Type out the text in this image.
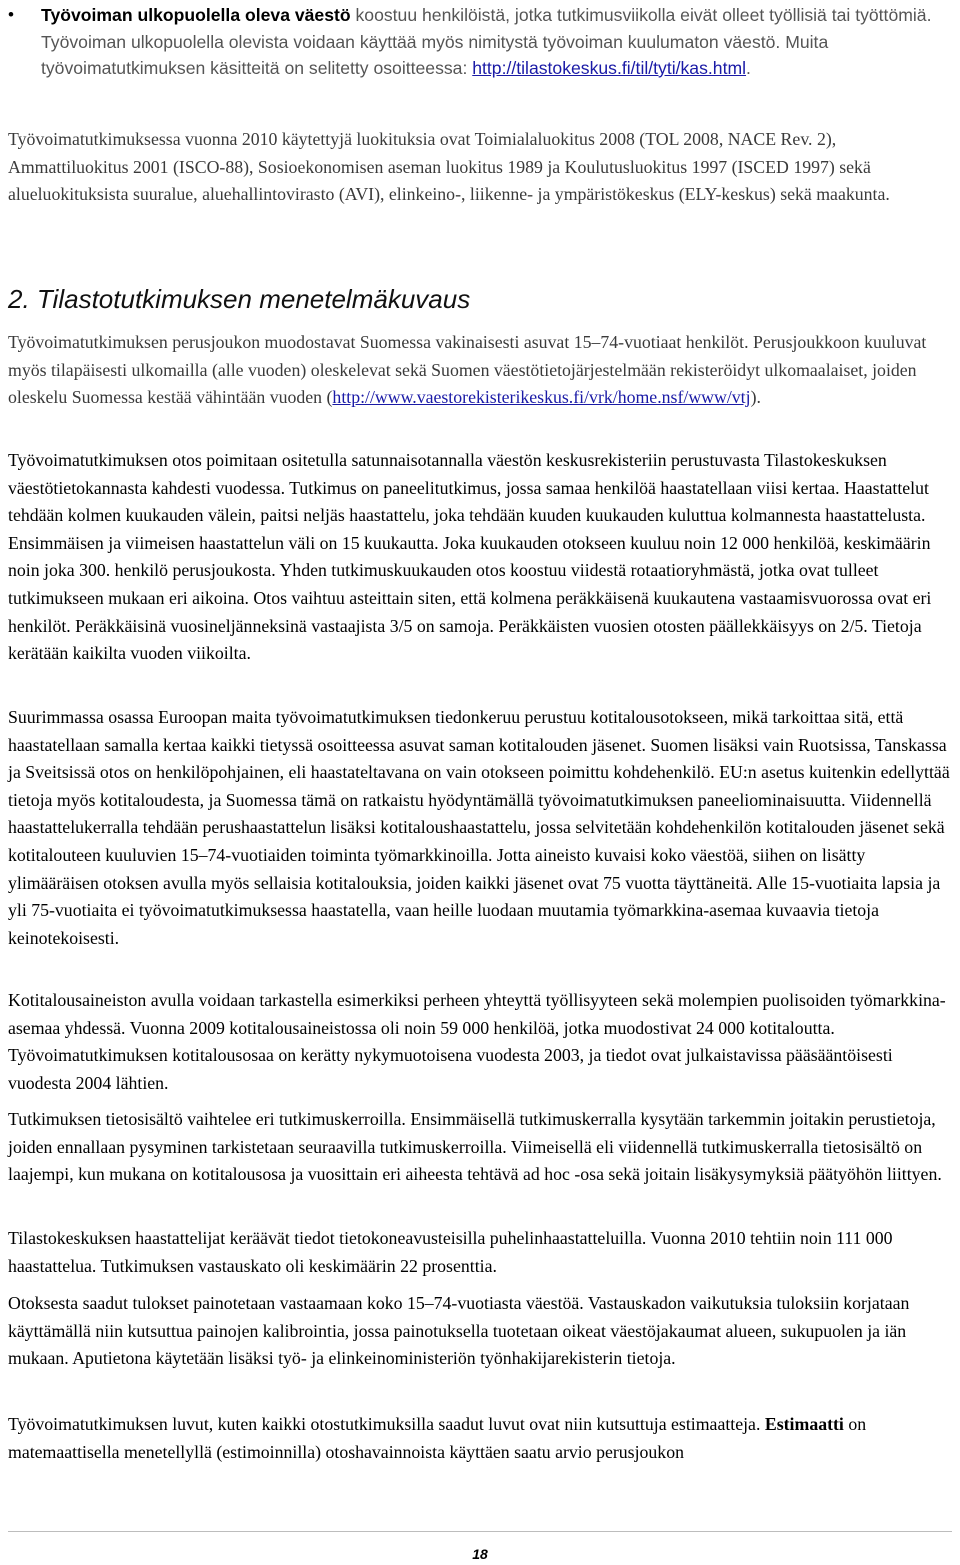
• Työvoiman ulkopuolella oleva väestö koostuu henkilöistä, jotka tutkimusviikolla eivät olleet työllisiä tai työttömiä. Työvoiman ulkopuolella olevista voidaan käyttää myös nimitystä työvoiman kuulumaton väestö. Muita työvoimatutkimuksen käsitteitä on selitetty osoitteessa: http://tilastokeskus.fi/til/tyti/kas.html.

Työvoimatutkimuksessa vuonna 2010 käytettyjä luokituksia ovat Toimialaluokitus 2008 (TOL 2008, NACE Rev. 2), Ammattiluokitus 2001 (ISCO-88), Sosioekonomisen aseman luokitus 1989 ja Koulutusluokitus 1997 (ISCED 1997) sekä alueluokituksista suuralue, aluehallintovirasto (AVI), elinkeino-, liikenne- ja ympäristökeskus (ELY-keskus) sekä maakunta.

2. Tilastotutkimuksen menetelmäkuvaus

Työvoimatutkimuksen perusjoukon muodostavat Suomessa vakinaisesti asuvat 15–74-vuotiaat henkilöt. Perusjoukkoon kuuluvat myös tilapäisesti ulkomailla (alle vuoden) oleskelevat sekä Suomen väestötietojärjestelmään rekisteröidyt ulkomaalaiset, joiden oleskelu Suomessa kestää vähintään vuoden (http://www.vaestorekisterikeskus.fi/vrk/home.nsf/www/vtj).

Työvoimatutkimuksen otos poimitaan ositetulla satunnaisotannalla väestön keskusrekisteriin perustuvasta Tilastokeskuksen väestötietokannasta kahdesti vuodessa. Tutkimus on paneelitutkimus, jossa samaa henkilöä haastatellaan viisi kertaa. Haastattelut tehdään kolmen kuukauden välein, paitsi neljäs haastattelu, joka tehdään kuuden kuukauden kuluttua kolmannesta haastattelusta. Ensimmäisen ja viimeisen haastattelun väli on 15 kuukautta. Joka kuukauden otokseen kuuluu noin 12 000 henkilöä, keskimäärin noin joka 300. henkilö perusjoukosta. Yhden tutkimuskuukauden otos koostuu viidestä rotaatioryhmästä, jotka ovat tulleet tutkimukseen mukaan eri aikoina. Otos vaihtuu asteittain siten, että kolmena peräkkäisenä kuukautena vastaamisvuorossa ovat eri henkilöt. Peräkkäisinä vuosineljänneksinä vastaajista 3/5 on samoja. Peräkkäisten vuosien otosten päällekkäisyys on 2/5. Tietoja kerätään kaikilta vuoden viikoilta.

Suurimmassa osassa Euroopan maita työvoimatutkimuksen tiedonkeruu perustuu kotitalousotokseen, mikä tarkoittaa sitä, että haastatellaan samalla kertaa kaikki tietyssä osoitteessa asuvat saman kotitalouden jäsenet. Suomen lisäksi vain Ruotsissa, Tanskassa ja Sveitsissä otos on henkilöpohjainen, eli haastateltavana on vain otokseen poimittu kohdehenkilö. EU:n asetus kuitenkin edellyttää tietoja myös kotitaloudesta, ja Suomessa tämä on ratkaistu hyödyntämällä työvoimatutkimuksen paneeliominaisuutta. Viidennellä haastattelukerralla tehdään perushaastattelun lisäksi kotitaloushaastattelu, jossa selvitetään kohdehenkilön kotitalouden jäsenet sekä kotitalouteen kuuluvien 15–74-vuotiaiden toiminta työmarkkinoilla. Jotta aineisto kuvaisi koko väestöä, siihen on lisätty ylimääräisen otoksen avulla myös sellaisia kotitalouksia, joiden kaikki jäsenet ovat 75 vuotta täyttäneitä. Alle 15-vuotiaita lapsia ja yli 75-vuotiaita ei työvoimatutkimuksessa haastatella, vaan heille luodaan muutamia työmarkkina-asemaa kuvaavia tietoja keinotekoisesti.

Kotitalousaineiston avulla voidaan tarkastella esimerkiksi perheen yhteyttä työllisyyteen sekä molempien puolisoiden työmarkkina-asemaa yhdessä. Vuonna 2009 kotitalousaineistossa oli noin 59 000 henkilöä, jotka muodostivat 24 000 kotitaloutta. Työvoimatutkimuksen kotitalousosaa on kerätty nykymuotoisena vuodesta 2003, ja tiedot ovat julkaistavissa pääsääntöisesti vuodesta 2004 lähtien.

Tutkimuksen tietosisältö vaihtelee eri tutkimuskerroilla. Ensimmäisellä tutkimuskerralla kysytään tarkemmin joitakin perustietoja, joiden ennallaan pysyminen tarkistetaan seuraavilla tutkimuskerroilla. Viimeisellä eli viidennellä tutkimuskerralla tietosisältö on laajempi, kun mukana on kotitalousosa ja vuosittain eri aiheesta tehtävä ad hoc -osa sekä joitain lisäkysymyksiä päätyöhön liittyen.

Tilastokeskuksen haastattelijat keräävät tiedot tietokoneavusteisilla puhelinhaastatteluilla. Vuonna 2010 tehtiin noin 111 000 haastattelua. Tutkimuksen vastauskato oli keskimäärin 22 prosenttia.

Otoksesta saadut tulokset painotetaan vastaamaan koko 15–74-vuotiasta väestöä. Vastauskadon vaikutuksia tuloksiin korjataan käyttämällä niin kutsuttua painojen kalibrointia, jossa painotuksella tuotetaan oikeat väestöjakaumat alueen, sukupuolen ja iän mukaan. Aputietona käytetään lisäksi työ- ja elinkeinoministeriön työnhakijarekisterin tietoja.

Työvoimatutkimuksen luvut, kuten kaikki otostutkimuksilla saadut luvut ovat niin kutsuttuja estimaatteja. Estimaatti on matemaattisella menetellyllä (estimoinnilla) otoshavainnoista käyttäen saatu arvio perusjoukon

18
